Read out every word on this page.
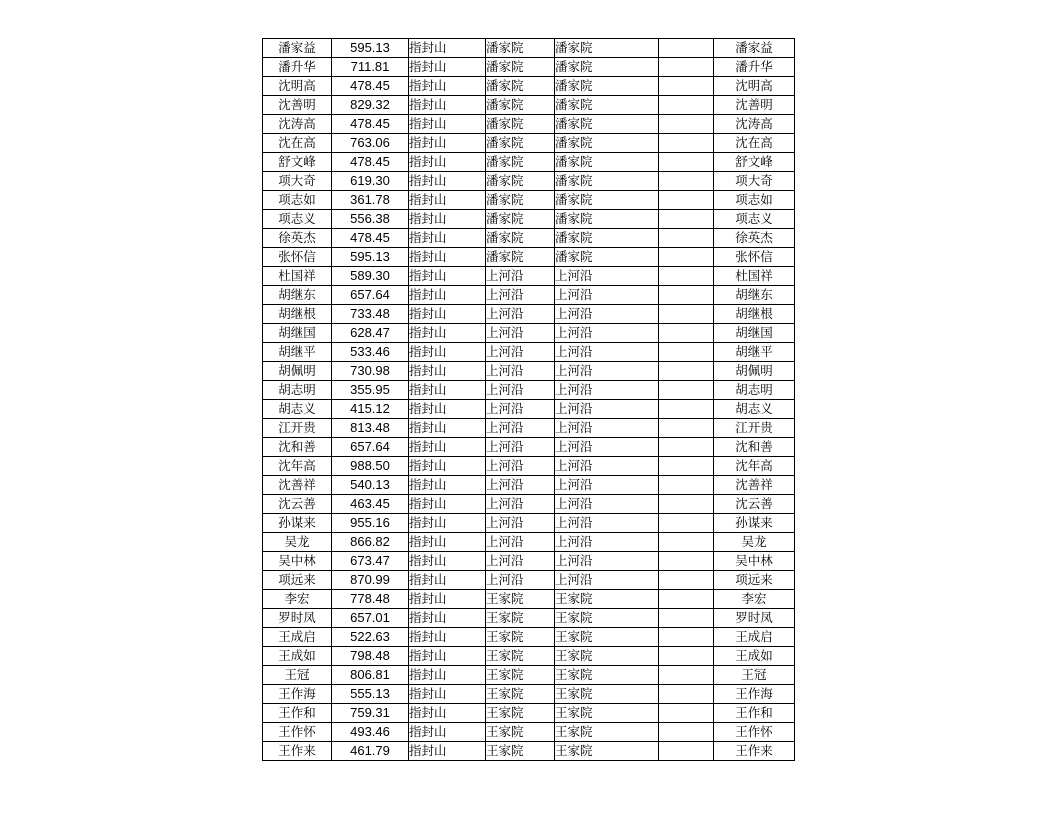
潘家益	595.13	指封山	潘家院	潘家院		潘家益
潘升华	711.81	指封山	潘家院	潘家院		潘升华
沈明高	478.45	指封山	潘家院	潘家院		沈明高
沈善明	829.32	指封山	潘家院	潘家院		沈善明
沈涛高	478.45	指封山	潘家院	潘家院		沈涛高
沈在高	763.06	指封山	潘家院	潘家院		沈在高
舒文峰	478.45	指封山	潘家院	潘家院		舒文峰
项大奇	619.30	指封山	潘家院	潘家院		项大奇
项志如	361.78	指封山	潘家院	潘家院		项志如
项志义	556.38	指封山	潘家院	潘家院		项志义
徐英杰	478.45	指封山	潘家院	潘家院		徐英杰
张怀信	595.13	指封山	潘家院	潘家院		张怀信
杜国祥	589.30	指封山	上河沿	上河沿		杜国祥
胡继东	657.64	指封山	上河沿	上河沿		胡继东
胡继根	733.48	指封山	上河沿	上河沿		胡继根
胡继国	628.47	指封山	上河沿	上河沿		胡继国
胡继平	533.46	指封山	上河沿	上河沿		胡继平
胡佩明	730.98	指封山	上河沿	上河沿		胡佩明
胡志明	355.95	指封山	上河沿	上河沿		胡志明
胡志义	415.12	指封山	上河沿	上河沿		胡志义
江开贵	813.48	指封山	上河沿	上河沿		江开贵
沈和善	657.64	指封山	上河沿	上河沿		沈和善
沈年高	988.50	指封山	上河沿	上河沿		沈年高
沈善祥	540.13	指封山	上河沿	上河沿		沈善祥
沈云善	463.45	指封山	上河沿	上河沿		沈云善
孙谋来	955.16	指封山	上河沿	上河沿		孙谋来
吴龙	866.82	指封山	上河沿	上河沿		吴龙
吴中林	673.47	指封山	上河沿	上河沿		吴中林
项远来	870.99	指封山	上河沿	上河沿		项远来
李宏	778.48	指封山	王家院	王家院		李宏
罗时凤	657.01	指封山	王家院	王家院		罗时凤
王成启	522.63	指封山	王家院	王家院		王成启
王成如	798.48	指封山	王家院	王家院		王成如
王冠	806.81	指封山	王家院	王家院		王冠
王作海	555.13	指封山	王家院	王家院		王作海
王作和	759.31	指封山	王家院	王家院		王作和
王作怀	493.46	指封山	王家院	王家院		王作怀
王作来	461.79	指封山	王家院	王家院		王作来
